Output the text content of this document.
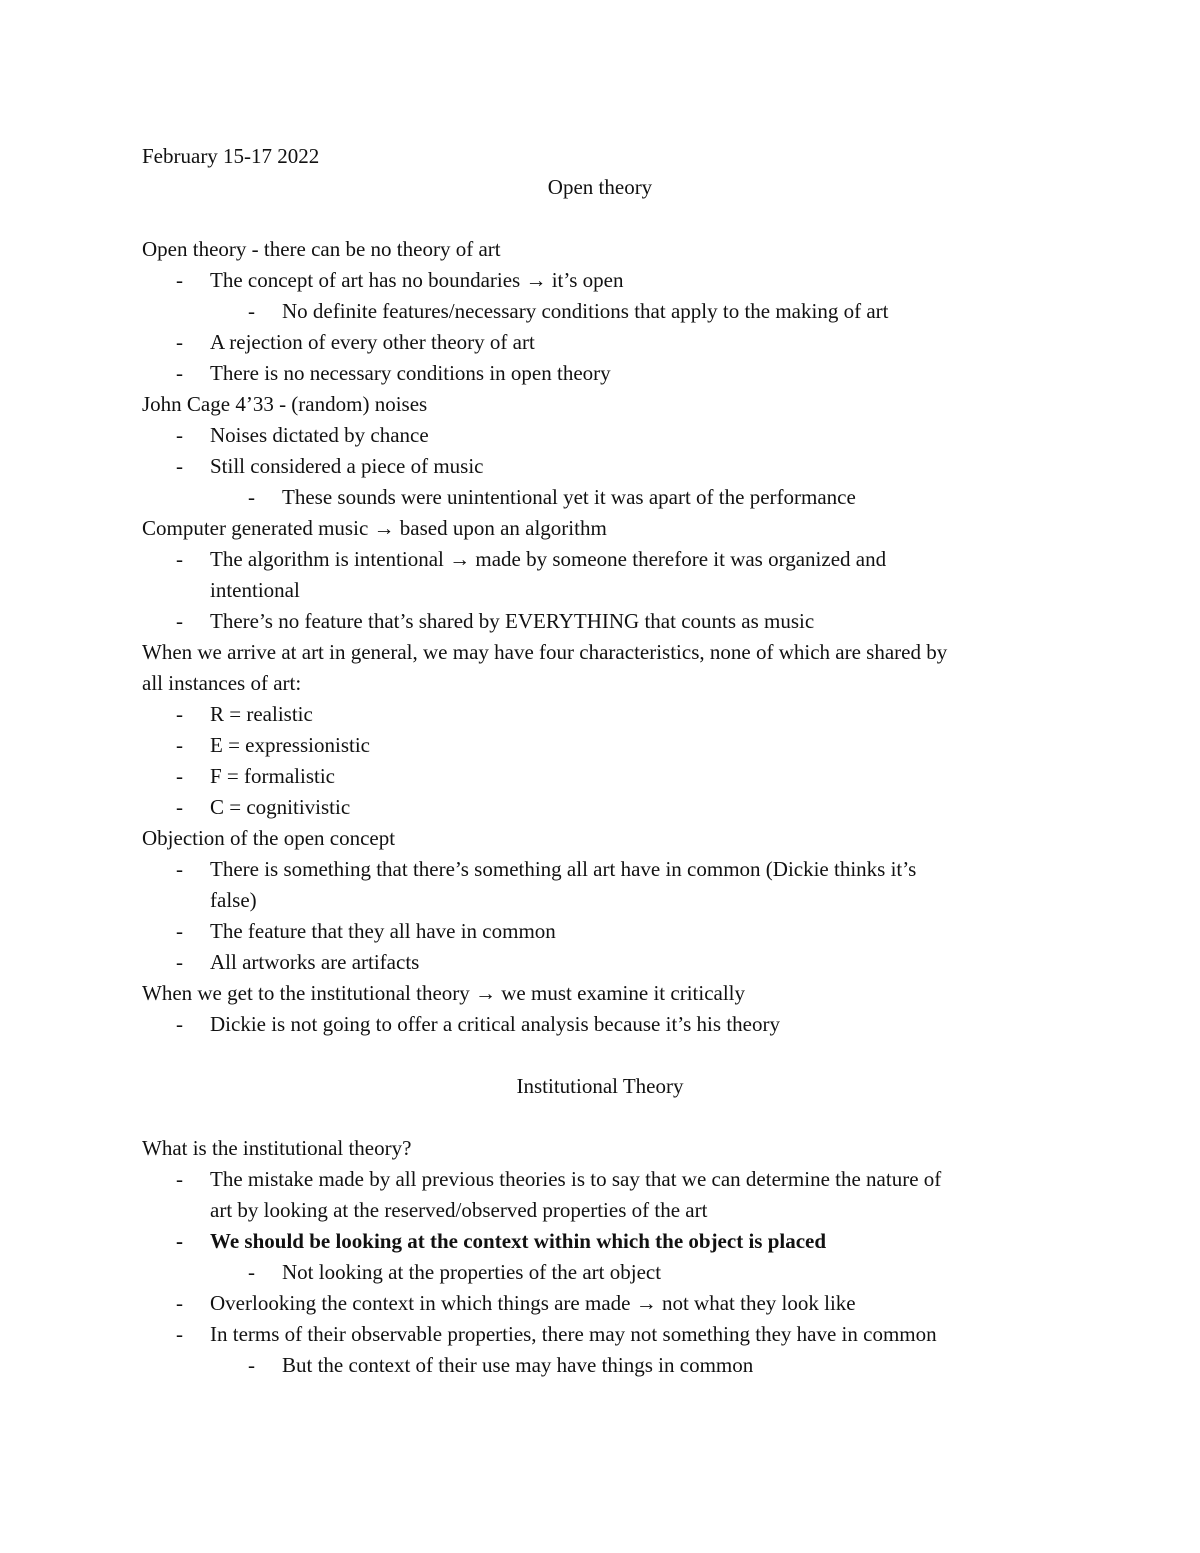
February 15-17 2022
Open theory
Open theory - there can be no theory of art
- The concept of art has no boundaries → it’s open
- No definite features/necessary conditions that apply to the making of art
- A rejection of every other theory of art
- There is no necessary conditions in open theory
John Cage 4’33 - (random) noises
- Noises dictated by chance
- Still considered a piece of music
- These sounds were unintentional yet it was apart of the performance
Computer generated music → based upon an algorithm
- The algorithm is intentional → made by someone therefore it was organized and
intentional
- There’s no feature that’s shared by EVERYTHING that counts as music
When we arrive at art in general, we may have four characteristics, none of which are shared by
all instances of art:
- R = realistic
- E = expressionistic
- F = formalistic
- C = cognitivistic
Objection of the open concept
- There is something that there’s something all art have in common (Dickie thinks it’s
false)
- The feature that they all have in common
- All artworks are artifacts
When we get to the institutional theory → we must examine it critically
- Dickie is not going to offer a critical analysis because it’s his theory
Institutional Theory
What is the institutional theory?
- The mistake made by all previous theories is to say that we can determine the nature of
art by looking at the reserved/observed properties of the art
- We should be looking at the context within which the object is placed
- Not looking at the properties of the art object
- Overlooking the context in which things are made → not what they look like
- In terms of their observable properties, there may not something they have in common
- But the context of their use may have things in common
